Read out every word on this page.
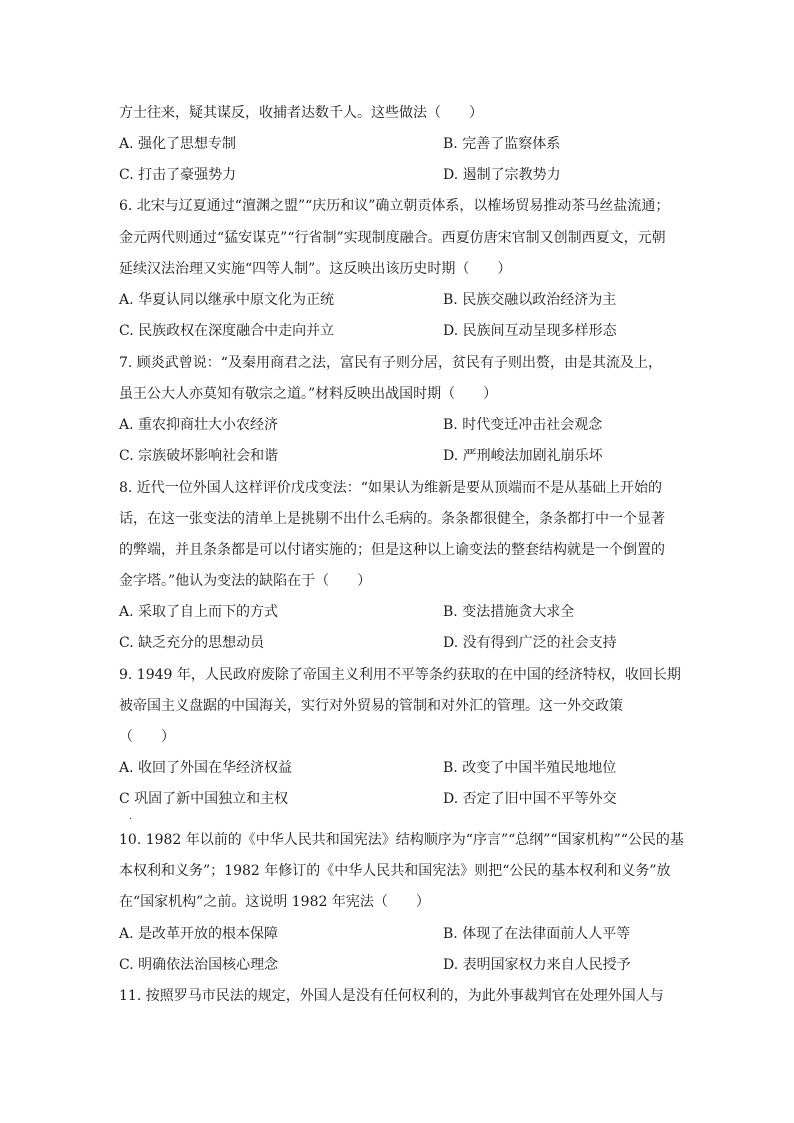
方士往来，疑其谋反，收捕者达数千人。这些做法（　　）
A. 强化了思想专制	B. 完善了监察体系
C. 打击了豪强势力	D. 遏制了宗教势力
6. 北宋与辽夏通过“澶渊之盟”“庆历和议”确立朝贡体系，以榷场贸易推动茶马丝盐流通；
金元两代则通过“猛安谋克”“行省制”实现制度融合。西夏仿唐宋官制又创制西夏文，元朝
延续汉法治理又实施“四等人制”。这反映出该历史时期（　　）
A. 华夏认同以继承中原文化为正统	B. 民族交融以政治经济为主
C. 民族政权在深度融合中走向并立	D. 民族间互动呈现多样形态
7. 顾炎武曾说：“及秦用商君之法，富民有子则分居，贫民有子则出赘，由是其流及上，
虽王公大人亦莫知有敬宗之道。”材料反映出战国时期（　　）
A. 重农抑商壮大小农经济	B. 时代变迁冲击社会观念
C. 宗族破坏影响社会和谐	D. 严刑峻法加剧礼崩乐坏
8. 近代一位外国人这样评价戊戌变法：“如果认为维新是要从顶端而不是从基础上开始的
话，在这一张变法的清单上是挑剔不出什么毛病的。条条都很健全，条条都打中一个显著
的弊端，并且条条都是可以付诸实施的；但是这种以上谕变法的整套结构就是一个倒置的
金字塔。”他认为变法的缺陷在于（　　）
A. 采取了自上而下的方式	B. 变法措施贪大求全
C. 缺乏充分的思想动员	D. 没有得到广泛的社会支持
9. 1949 年，人民政府废除了帝国主义利用不平等条约获取的在中国的经济特权，收回长期
被帝国主义盘踞的中国海关，实行对外贸易的管制和对外汇的管理。这一外交政策
（　　）
A. 收回了外国在华经济权益	B. 改变了中国半殖民地地位
C 巩固了新中国独立和主权	D. 否定了旧中国不平等外交
·
10. 1982 年以前的《中华人民共和国宪法》结构顺序为“序言”“总纲”“国家机构”“公民的基
本权利和义务”；1982 年修订的《中华人民共和国宪法》则把“公民的基本权利和义务”放
在“国家机构”之前。这说明 1982 年宪法（　　）
A. 是改革开放的根本保障	B. 体现了在法律面前人人平等
C. 明确依法治国核心理念	D. 表明国家权力来自人民授予
11. 按照罗马市民法的规定，外国人是没有任何权利的，为此外事裁判官在处理外国人与
